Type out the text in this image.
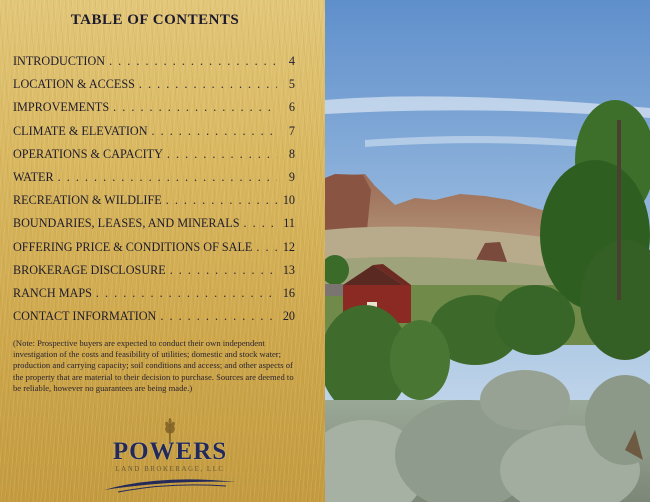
TABLE OF CONTENTS
INTRODUCTION . . .	4
LOCATION & ACCESS . . .	5
IMPROVEMENTS . . .	6
CLIMATE & ELEVATION . . .	7
OPERATIONS & CAPACITY . . .	8
WATER . . .	9
RECREATION & WILDLIFE . . .	10
BOUNDARIES, LEASES, AND MINERALS . . .	11
OFFERING PRICE & CONDITIONS OF SALE . . . 12
BROKERAGE DISCLOSURE . . .	13
RANCH MAPS . . .	16
CONTACT INFORMATION . . .	20
(Note: Prospective buyers are expected to conduct their own independent investigation of the costs and feasibility of utilities; domestic and stock water; production and carrying capacity; soil conditions and access; and other aspects of the property that are material to their decision to purchase. Sources are deemed to be reliable, however no guarantees are being made.)
POWERS
LAND BROKERAGE, LLC
